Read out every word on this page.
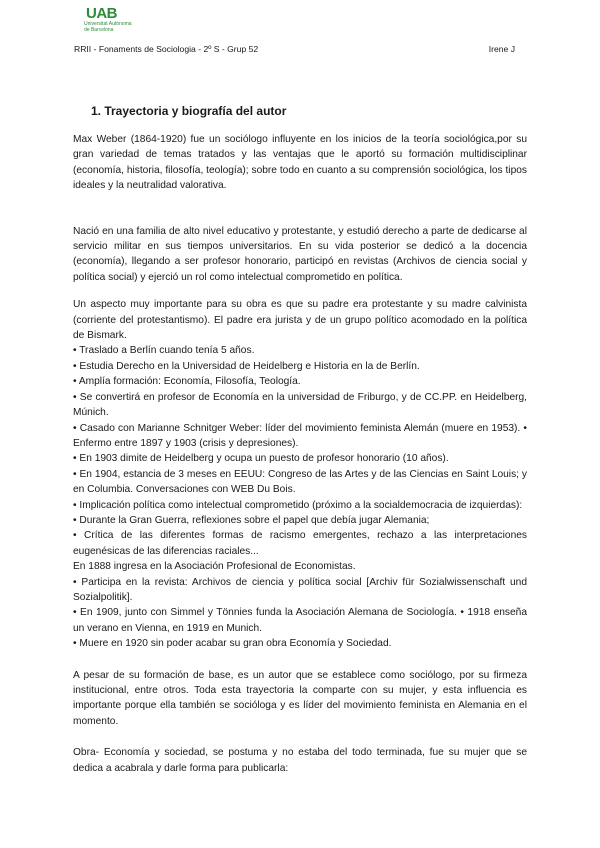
UAB
Universitat Autònoma
de Barcelona
RRII - Fonaments de Sociologia - 2º S - Grup 52	Irene J
1. Trayectoria y biografía del autor

Max Weber (1864-1920) fue un sociólogo influyente en los inicios de la teoría sociológica,por su gran variedad de temas tratados y las ventajas que le aportó su formación multidisciplinar (economía, historia, filosofía, teología); sobre todo en cuanto a su comprensión sociológica, los tipos ideales y la neutralidad valorativa.

Nació en una familia de alto nivel educativo y protestante, y estudió derecho a parte de dedicarse al servicio militar en sus tiempos universitarios. En su vida posterior se dedicó a la docencia (economía), llegando a ser profesor honorario, participó en revistas (Archivos de ciencia social y política social) y ejerció un rol como intelectual comprometido en política.

Un aspecto muy importante para su obra es que su padre era protestante y su madre calvinista (corriente del protestantismo). El padre era jurista y de un grupo político acomodado en la política de Bismark.

• Traslado a Berlín cuando tenía 5 años.

• Estudia Derecho en la Universidad de Heidelberg e Historia en la de Berlín.

• Amplía formación: Economía, Filosofía, Teología.

• Se convertirá en profesor de Economía en la universidad de Friburgo, y de CC.PP. en Heidelberg, Múnich.

• Casado con Marianne Schnitger Weber: líder del movimiento feminista Alemán (muere en 1953). • Enfermo entre 1897 y 1903 (crisis y depresiones).

• En 1903 dimite de Heidelberg y ocupa un puesto de profesor honorario (10 años).

• En 1904, estancia de 3 meses en EEUU: Congreso de las Artes y de las Ciencias en Saint Louis; y en Columbia. Conversaciones con WEB Du Bois.

• Implicación política como intelectual comprometido (próximo a la socialdemocracia de izquierdas):

• Durante la Gran Guerra, reflexiones sobre el papel que debía jugar Alemania;

• Crítica de las diferentes formas de racismo emergentes, rechazo a las interpretaciones eugenésicas de las diferencias raciales...

En 1888 ingresa en la Asociación Profesional de Economistas.

• Participa en la revista: Archivos de ciencia y política social [Archiv für Sozialwissenschaft und Sozialpolitik].

• En 1909, junto con Simmel y Tönnies funda la Asociación Alemana de Sociología. • 1918 enseña un verano en Vienna, en 1919 en Munich.

• Muere en 1920 sin poder acabar su gran obra Economía y Sociedad.

A pesar de su formación de base, es un autor que se establece como sociólogo, por su firmeza institucional, entre otros. Toda esta trayectoria la comparte con su mujer, y esta influencia es importante porque ella también se socióloga y es líder del movimiento feminista en Alemania en el momento.

Obra- Economía y sociedad, se postuma y no estaba del todo terminada, fue su mujer que se dedica a acabrala y darle forma para publicarla:
